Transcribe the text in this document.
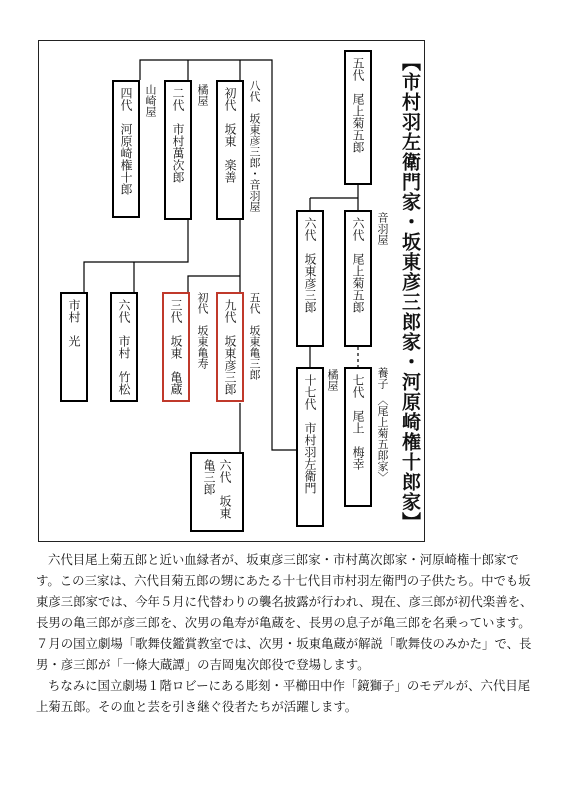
五代　尾上菊五郎
六代　尾上菊五郎
六代　坂東彦三郎
十七代　市村羽左衛門	七代　尾上　梅幸
四代　河原崎権十郎	二代　市村萬次郎	初代　坂東　楽善
市村　光	六代　市村　竹松	三代　坂東　亀蔵	九代　坂東彦三郎
六代　坂東亀三郎
音羽屋
橘屋
橘屋
山崎屋	八代　坂東彦三郎・音羽屋
初代　坂東亀寿	五代　坂東亀三郎
養子　〈尾上菊五郎家〉 【市村羽左衛門家・坂東彦三郎家・河原崎権十郎家】

六代目尾上菊五郎と近い血縁者が、坂東彦三郎家・市村萬次郎家・河原崎権十郎家です。この三家は、六代目菊五郎の甥にあたる十七代目市村羽左衛門の子供たち。中でも坂東彦三郎家では、今年５月に代替わりの襲名披露が行われ、現在、彦三郎が初代楽善を、長男の亀三郎が彦三郎を、次男の亀寿が亀蔵を、長男の息子が亀三郎を名乗っています。７月の国立劇場「歌舞伎鑑賞教室では、次男・坂東亀蔵が解説「歌舞伎のみかた」で、長男・彦三郎が「一條大蔵譚」の吉岡鬼次郎役で登場します。

ちなみに国立劇場１階ロビーにある彫刻・平櫛田中作「鏡獅子」のモデルが、六代目尾上菊五郎。その血と芸を引き継ぐ役者たちが活躍します。
